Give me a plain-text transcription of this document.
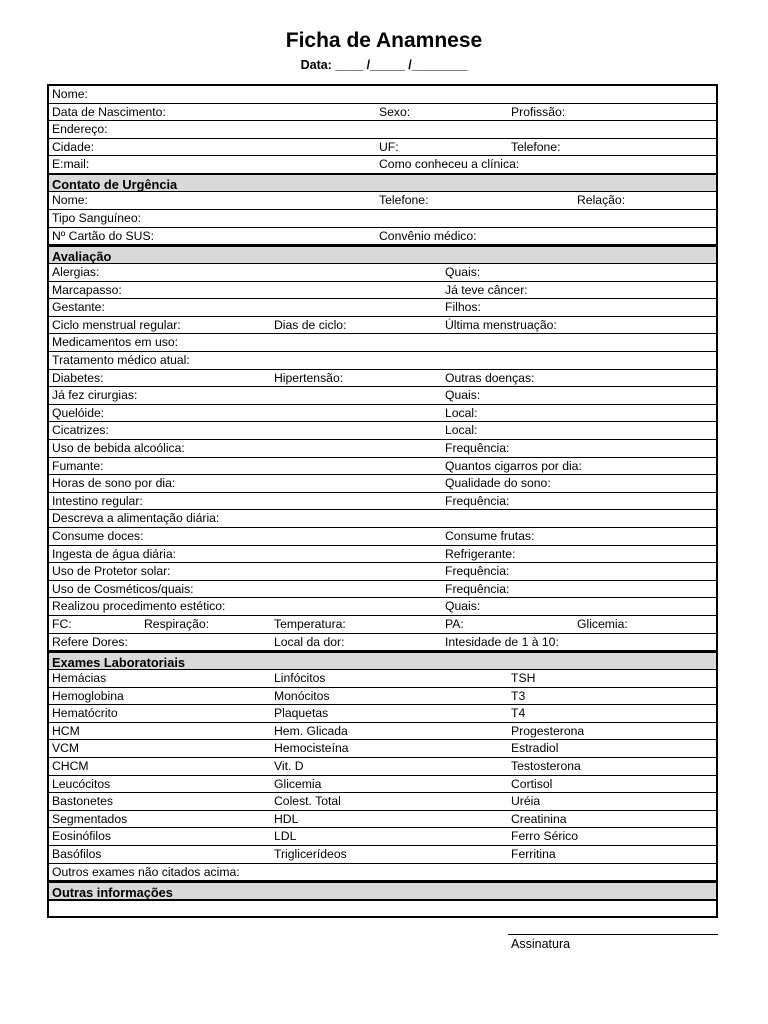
Ficha de Anamnese
Data: ____ /_____ /________
Nome:
Data de Nascimento:	Sexo:	Profissão:
Endereço:
Cidade:	UF:	Telefone:
E:mail:	Como conheceu a clínica:
Contato de Urgência
Nome:	Telefone:	Relação:
Tipo Sanguíneo:
Nº Cartão do SUS:	Convênio médico:
Avaliação
Alergias:	Quais:
Marcapasso:	Já teve câncer:
Gestante:	Filhos:
Ciclo menstrual regular:	Dias de ciclo:	Última menstruação:
Medicamentos em uso:
Tratamento médico atual:
Diabetes:	Hipertensão:	Outras doenças:
Já fez cirurgias:	Quais:
Quelóide:	Local:
Cicatrizes:	Local:
Uso de bebida alcoólica:	Frequência:
Fumante:	Quantos cigarros por dia:
Horas de sono por dia:	Qualidade do sono:
Intestino regular:	Frequência:
Descreva a alimentação diária:
Consume doces:	Consume frutas:
Ingesta de água diária:	Refrigerante:
Uso de Protetor solar:	Frequência:
Uso de Cosméticos/quais:	Frequência:
Realizou procedimento estético:	Quais:
FC:	Respiração:	Temperatura:	PA:	Glicemia:
Refere Dores:	Local da dor:	Intesidade de 1 à 10:
Exames Laboratoriais
Hemácias	Linfócitos	TSH
Hemoglobina	Monócitos	T3
Hematócrito	Plaquetas	T4
HCM	Hem. Glicada	Progesterona
VCM	Hemocisteína	Estradiol
CHCM	Vit. D	Testosterona
Leucócitos	Glicemia	Cortisol
Bastonetes	Colest. Total	Uréia
Segmentados	HDL	Creatinina
Eosinófilos	LDL	Ferro Sérico
Basófilos	Triglicerídeos	Ferritina
Outros exames não citados acima:
Outras informações
Assinatura
